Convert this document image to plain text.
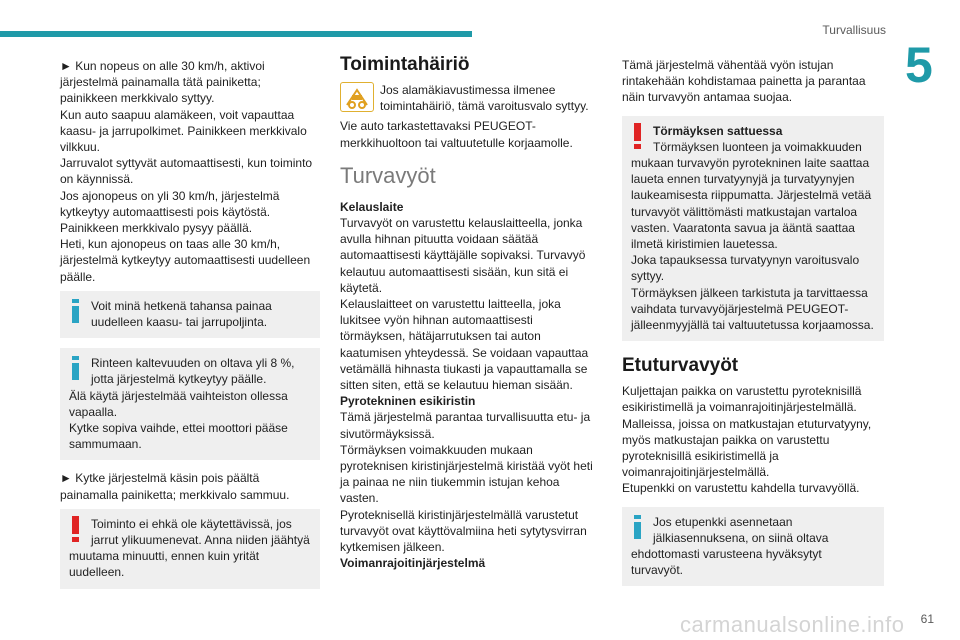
Turvallisuus
5

► Kun nopeus on alle 30 km/h, aktivoi järjestelmä painamalla tätä painiketta; painikkeen merkkivalo syttyy.
Kun auto saapuu alamäkeen, voit vapauttaa kaasu- ja jarrupolkimet. Painikkeen merkkivalo vilkkuu.
Jarruvalot syttyvät automaattisesti, kun toiminto on käynnissä.
Jos ajonopeus on yli 30 km/h, järjestelmä kytkeytyy automaattisesti pois käytöstä. Painikkeen merkkivalo pysyy päällä.
Heti, kun ajonopeus on taas alle 30 km/h, järjestelmä kytkeytyy automaattisesti uudelleen päälle.

Voit minä hetkenä tahansa painaa uudelleen kaasu- tai jarrupoljinta.
Rinteen kaltevuuden on oltava yli 8 %, jotta järjestelmä kytkeytyy päälle.
Älä käytä järjestelmää vaihteiston ollessa vapaalla.
Kytke sopiva vaihde, ettei moottori pääse sammumaan.

► Kytke järjestelmä käsin pois päältä painamalla painiketta; merkkivalo sammuu.

Toiminto ei ehkä ole käytettävissä, jos jarrut ylikuumenevat. Anna niiden jäähtyä
muutama minuutti, ennen kuin yrität uudelleen.
Toimintahäiriö
Jos alamäkiavustimessa ilmenee toimintahäiriö, tämä varoitusvalo syttyy.

Vie auto tarkastettavaksi PEUGEOT-merkkihuoltoon tai valtuutetulle korjaamolle.

Turvavyöt
Kelauslaite

Turvavyöt on varustettu kelauslaitteella, jonka avulla hihnan pituutta voidaan säätää automaattisesti käyttäjälle sopivaksi. Turvavyö kelautuu automaattisesti sisään, kun sitä ei käytetä.
Kelauslaitteet on varustettu laitteella, joka lukitsee vyön hihnan automaattisesti törmäyksen, hätäjarrutuksen tai auton kaatumisen yhteydessä. Se voidaan vapauttaa vetämällä hihnasta tiukasti ja vapauttamalla se sitten siten, että se kelautuu hieman sisään.

Pyrotekninen esikiristin

Tämä järjestelmä parantaa turvallisuutta etu- ja sivutörmäyksissä.
Törmäyksen voimakkuuden mukaan pyroteknisen kiristinjärjestelmä kiristää vyöt heti ja painaa ne niin tiukemmin istujan kehoa vasten.
Pyroteknisellä kiristinjärjestelmällä varustetut turvavyöt ovat käyttövalmiina heti sytytysvirran kytkemisen jälkeen.

Voimanrajoitinjärjestelmä

Tämä järjestelmä vähentää vyön istujan rintakehään kohdistamaa painetta ja parantaa näin turvavyön antamaa suojaa.

Törmäyksen sattuessa
Törmäyksen luonteen ja voimakkuuden
mukaan turvavyön pyrotekninen laite saattaa laueta ennen turvatyynyjä ja turvatyynyjen laukeamisesta riippumatta. Järjestelmä vetää turvavyöt välittömästi matkustajan vartaloa vasten. Vaaratonta savua ja ääntä saattaa ilmetä kiristimien lauetessa.
Joka tapauksessa turvatyynyn varoitusvalo syttyy.
Törmäyksen jälkeen tarkistuta ja tarvittaessa vaihdata turvavyöjärjestelmä PEUGEOT-jälleenmyyjällä tai valtuutetussa korjaamossa.
Etuturvavyöt

Kuljettajan paikka on varustettu pyroteknisillä esikiristimellä ja voimanrajoitinjärjestelmällä.
Malleissa, joissa on matkustajan etuturvatyyny, myös matkustajan paikka on varustettu pyroteknisillä esikiristimellä ja voimanrajoitinjärjestelmällä.
Etupenkki on varustettu kahdella turvavyöllä.

Jos etupenkki asennetaan jälkiasennuksena, on siinä oltava
ehdottomasti varusteena hyväksytyt turvavyöt.
carmanualsonline.info 61
